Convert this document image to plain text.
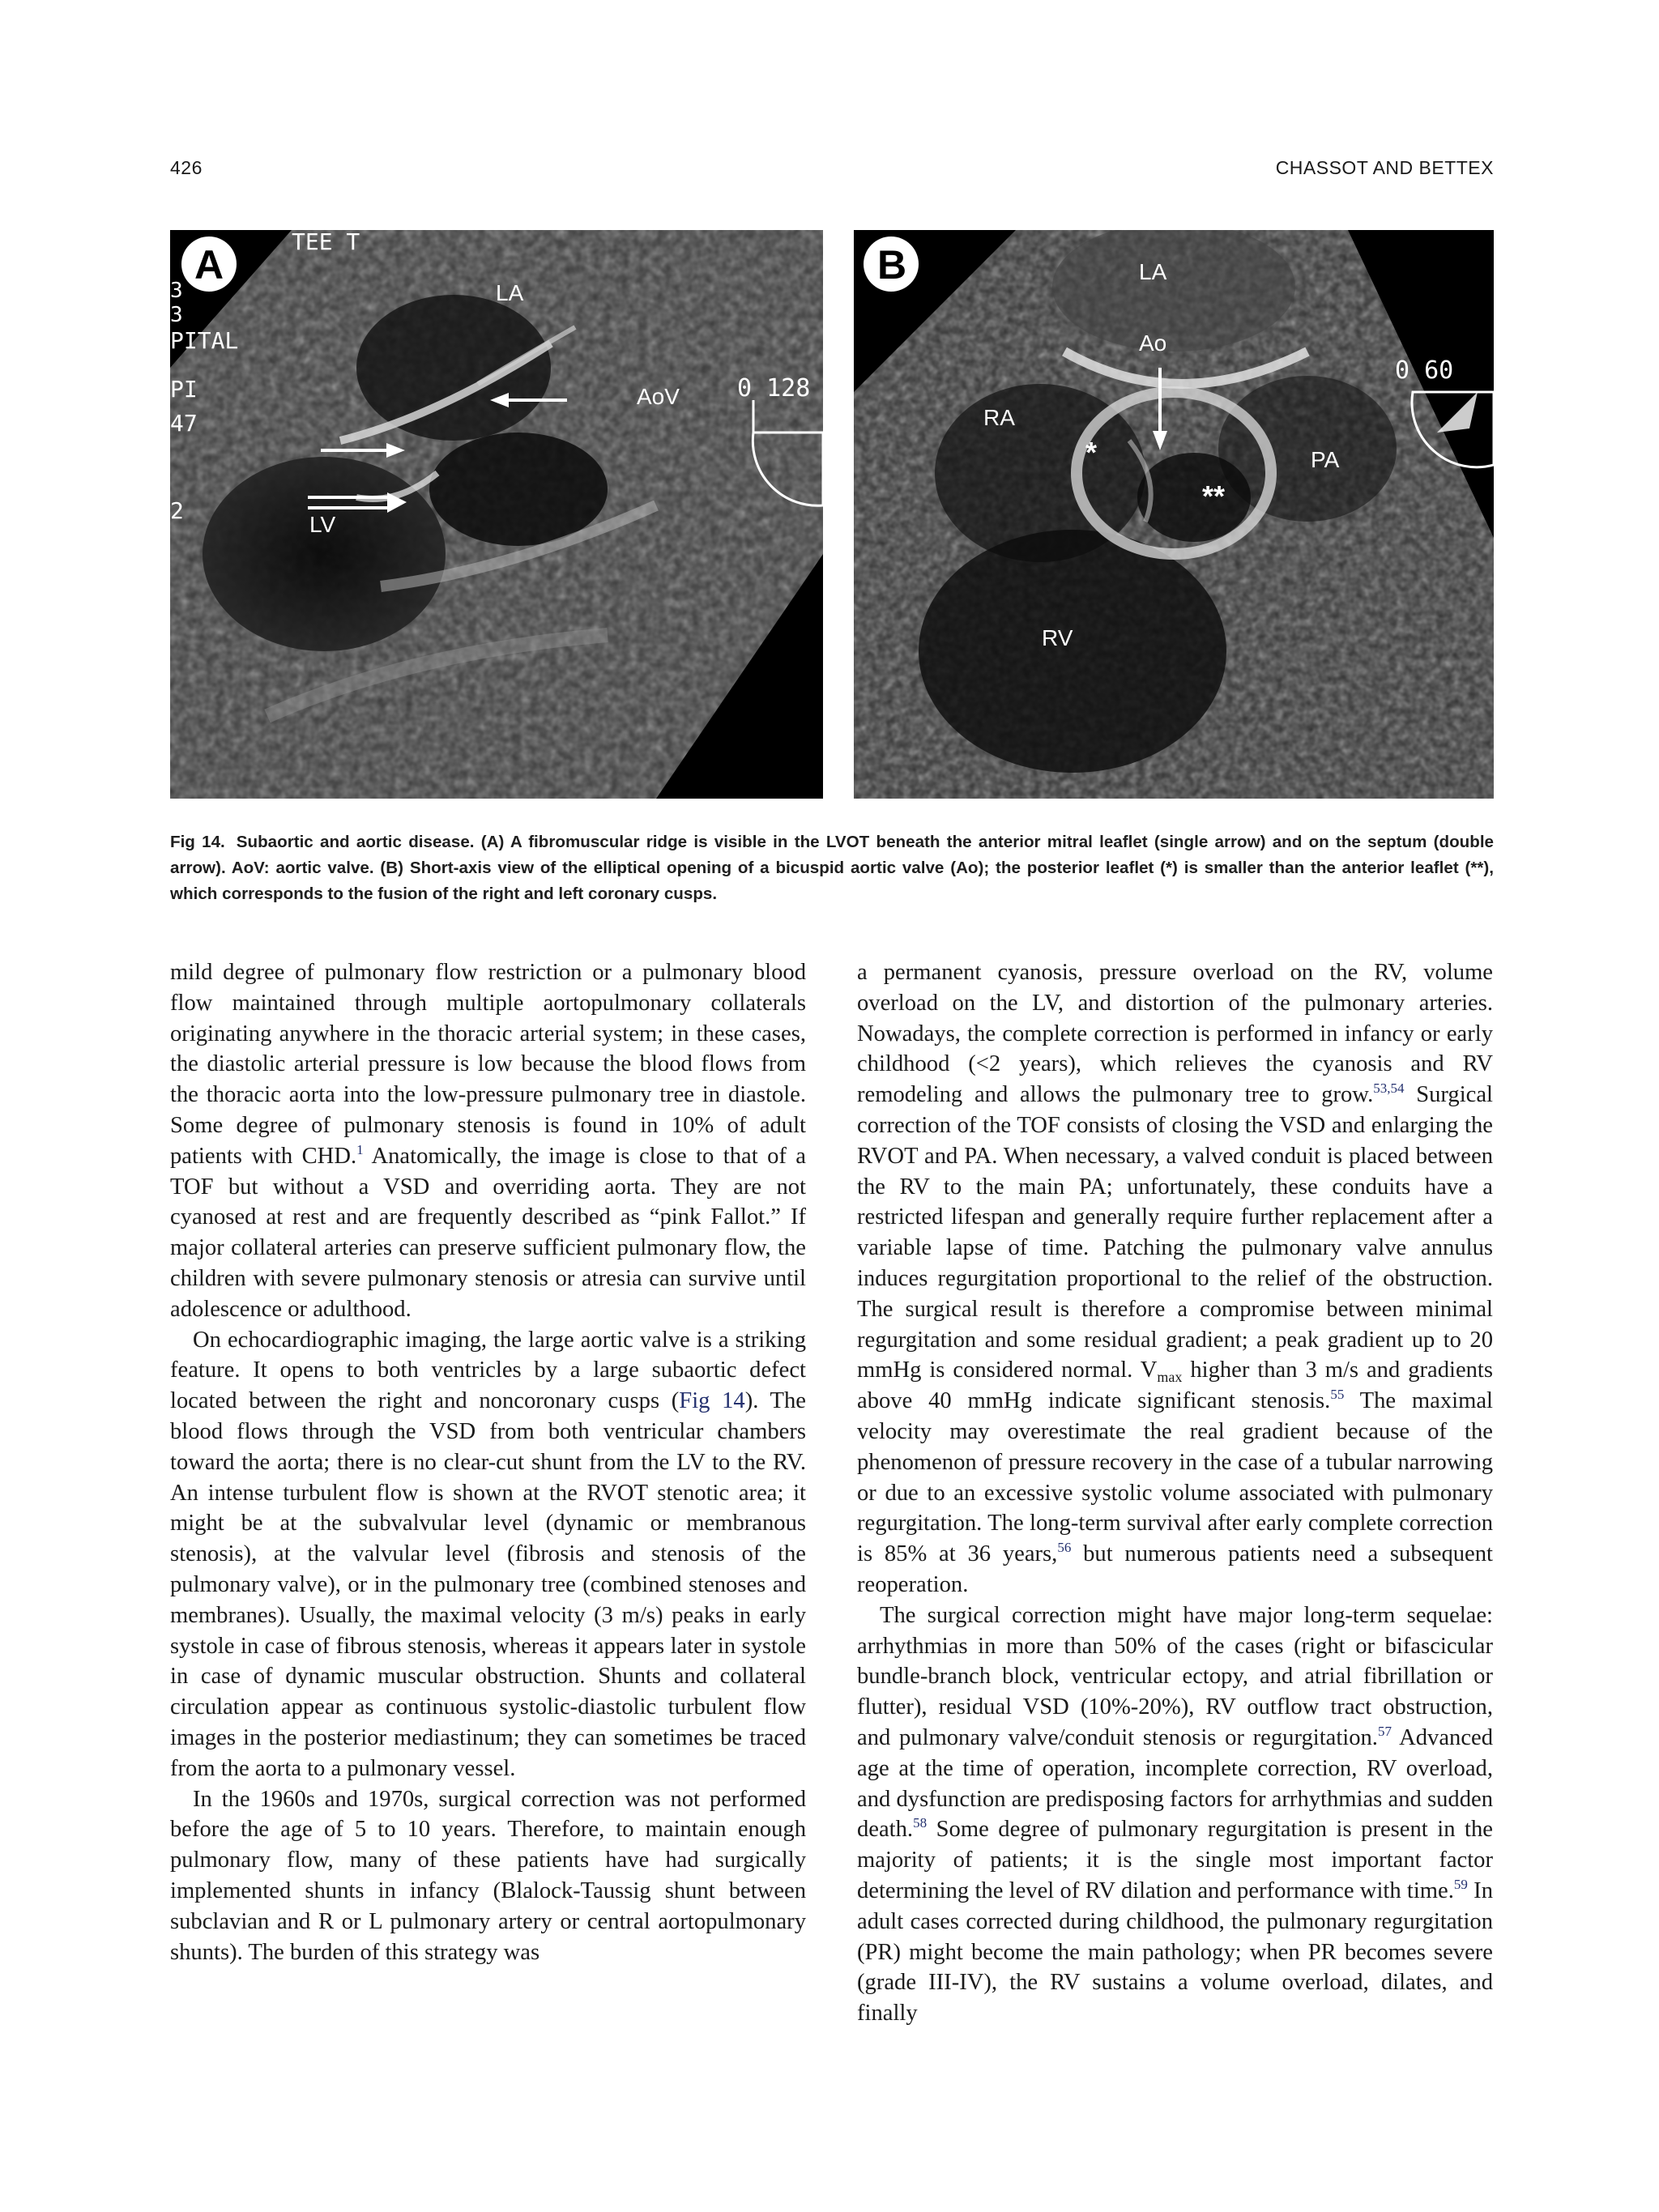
426	CHASSOT AND BETTEX
A
TEE T
3
3
PITAL
PI
47
2
0 128
LA
LV
AoV
B
0 60
LA
Ao
RA
PA
RV
*
**
Fig 14. Subaortic and aortic disease. (A) A fibromuscular ridge is visible in the LVOT beneath the anterior mitral leaflet (single arrow) and on the septum (double arrow). AoV: aortic valve. (B) Short-axis view of the elliptical opening of a bicuspid aortic valve (Ao); the posterior leaflet (*) is smaller than the anterior leaflet (**), which corresponds to the fusion of the right and left coronary cusps.

mild degree of pulmonary flow restriction or a pulmonary blood flow maintained through multiple aortopulmonary collaterals originating anywhere in the thoracic arterial system; in these cases, the diastolic arterial pressure is low because the blood flows from the thoracic aorta into the low-pressure pulmonary tree in diastole. Some degree of pulmonary stenosis is found in 10% of adult patients with CHD.$^1$ Anatomically, the image is close to that of a TOF but without a VSD and overriding aorta. They are not cyanosed at rest and are frequently described as “pink Fallot.” If major collateral arteries can preserve sufficient pulmonary flow, the children with severe pulmonary stenosis or atresia can survive until adolescence or adulthood.

On echocardiographic imaging, the large aortic valve is a striking feature. It opens to both ventricles by a large subaortic defect located between the right and noncoronary cusps (Fig 14). The blood flows through the VSD from both ventricular chambers toward the aorta; there is no clear-cut shunt from the LV to the RV. An intense turbulent flow is shown at the RVOT stenotic area; it might be at the subvalvular level (dynamic or membranous stenosis), at the valvular level (fibrosis and stenosis of the pulmonary valve), or in the pulmonary tree (combined stenoses and membranes). Usually, the maximal velocity (3 m/s) peaks in early systole in case of fibrous stenosis, whereas it appears later in systole in case of dynamic muscular obstruction. Shunts and collateral circulation appear as continuous systolic-diastolic turbulent flow images in the posterior mediastinum; they can sometimes be traced from the aorta to a pulmonary vessel.

In the 1960s and 1970s, surgical correction was not performed before the age of 5 to 10 years. Therefore, to maintain enough pulmonary flow, many of these patients have had surgically implemented shunts in infancy (Blalock-Taussig shunt between subclavian and R or L pulmonary artery or central aortopulmonary shunts). The burden of this strategy was

a permanent cyanosis, pressure overload on the RV, volume overload on the LV, and distortion of the pulmonary arteries. Nowadays, the complete correction is performed in infancy or early childhood (<2 years), which relieves the cyanosis and RV remodeling and allows the pulmonary tree to grow.$^{53,54}$ Surgical correction of the TOF consists of closing the VSD and enlarging the RVOT and PA. When necessary, a valved conduit is placed between the RV to the main PA; unfortunately, these conduits have a restricted lifespan and generally require further replacement after a variable lapse of time. Patching the pulmonary valve annulus induces regurgitation proportional to the relief of the obstruction. The surgical result is therefore a compromise between minimal regurgitation and some residual gradient; a peak gradient up to 20 mmHg is considered normal. $V_{max}$ higher than 3 m/s and gradients above 40 mmHg indicate significant stenosis.$^{55}$ The maximal velocity may overestimate the real gradient because of the phenomenon of pressure recovery in the case of a tubular narrowing or due to an excessive systolic volume associated with pulmonary regurgitation. The long-term survival after early complete correction is 85% at 36 years,$^{56}$ but numerous patients need a subsequent reoperation.

The surgical correction might have major long-term sequelae: arrhythmias in more than 50% of the cases (right or bifascicular bundle-branch block, ventricular ectopy, and atrial fibrillation or flutter), residual VSD (10%-20%), RV outflow tract obstruction, and pulmonary valve/conduit stenosis or regurgitation.$^{57}$ Advanced age at the time of operation, incomplete correction, RV overload, and dysfunction are predisposing factors for arrhythmias and sudden death.$^{58}$ Some degree of pulmonary regurgitation is present in the majority of patients; it is the single most important factor determining the level of RV dilation and performance with time.$^{59}$ In adult cases corrected during childhood, the pulmonary regurgitation (PR) might become the main pathology; when PR becomes severe (grade III-IV), the RV sustains a volume overload, dilates, and finally
